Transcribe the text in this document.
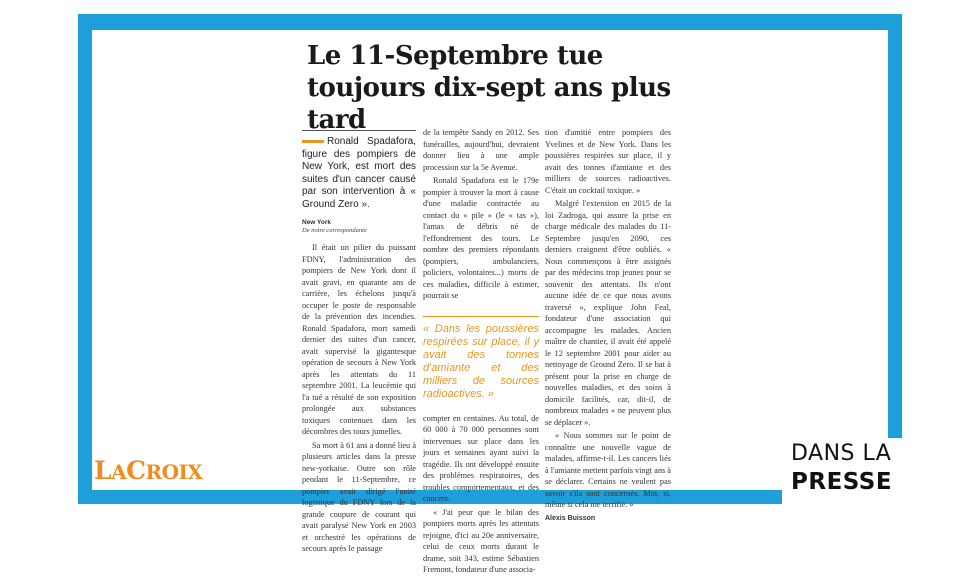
Le 11-Septembre tue toujours dix-sept ans plus tard

Ronald Spadafora, figure des pompiers de New York, est mort des suites d'un cancer causé par son intervention à « Ground Zero ».

New York
De notre correspondante

Il était un pilier du puissant FDNY, l'administration des pompiers de New York dont il avait gravi, en quarante ans de carrière, les échelons jusqu'à occuper le poste de responsable de la prévention des incendies. Ronald Spadafora, mort samedi dernier des suites d'un cancer, avait supervisé la gigantesque opération de secours à New York après les attentats du 11 septembre 2001. La leucémie qui l'a tué a résulté de son exposition prolongée aux substances toxiques contenues dans les décombres des tours jumelles.

Sa mort à 61 ans a donné lieu à plusieurs articles dans la presse new-yorkaise. Outre son rôle pendant le 11-Septembre, ce pompier avait dirigé l'unité logistique du FDNY lors de la grande coupure de courant qui avait paralysé New York en 2003 et orchestré les opérations de secours après le passage

de la tempête Sandy en 2012. Ses funérailles, aujourd'hui, devraient donner lieu à une ample procession sur la 5e Avenue.

Ronald Spadafora est le 179e pompier à trouver la mort à cause d'une maladie contractée au contact du « pile » (le « tas »), l'amas de débris né de l'effondrement des tours. Le nombre des premiers répondants (pompiers, ambulanciers, policiers, volontaires...) morts de ces maladies, difficile à estimer, pourrait se

« Dans les poussières respirées sur place, il y avait des tonnes d'amiante et des milliers de sources radioactives. »

compter en centaines. Au total, de 60 000 à 70 000 personnes sont intervenues sur place dans les jours et semaines ayant suivi la tragédie. Ils ont développé ensuite des problèmes respiratoires, des troubles comportementaux, et des cancers.

« J'ai peur que le bilan des pompiers morts après les attentats rejoigne, d'ici au 20e anniversaire, celui de ceux morts durant le drame, soit 343, estime Sébastien Fremont, fondateur d'une associa-

tion d'amitié entre pompiers des Yvelines et de New York. Dans les poussières respirées sur place, il y avait des tonnes d'amiante et des milliers de sources radioactives. C'était un cocktail toxique. »

Malgré l'extension en 2015 de la loi Zadroga, qui assure la prise en charge médicale des malades du 11-Septembre jusqu'en 2090, ces derniers craignent d'être oubliés. « Nous commençons à être assignés par des médecins trop jeunes pour se souvenir des attentats. Ils n'ont aucune idée de ce que nous avons traversé », explique John Feal, fondateur d'une association qui accompagne les malades. Ancien maître de chantier, il avait été appelé le 12 septembre 2001 pour aider au nettoyage de Ground Zero. Il se bat à présent pour la prise en charge de nouvelles maladies, et des soins à domicile facilités, car, dit-il, de nombreux malades « ne peuvent plus se déplacer ».

« Nous sommes sur le point de connaître une nouvelle vague de malades, affirme-t-il. Les cancers liés à l'amiante mettent parfois vingt ans à se déclarer. Certains ne veulent pas savoir s'ils sont concernés. Moi, si, même si cela me terrifie. »

Alexis Buisson
LACROIX
DANS LA
PRESSE
